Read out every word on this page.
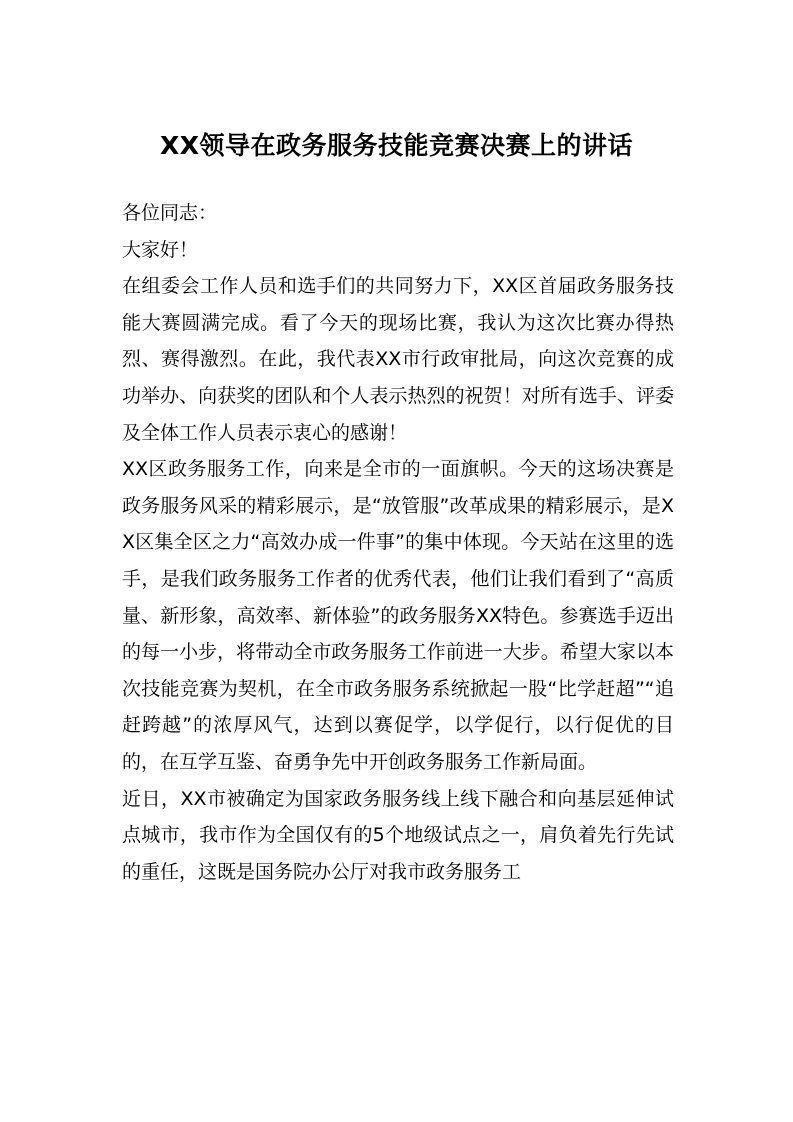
XX领导在政务服务技能竞赛决赛上的讲话

各位同志：

大家好！

在组委会工作人员和选手们的共同努力下，XX区首届政务服务技能大赛圆满完成。看了今天的现场比赛，我认为这次比赛办得热烈、赛得激烈。在此，我代表XX市行政审批局，向这次竞赛的成功举办、向获奖的团队和个人表示热烈的祝贺！对所有选手、评委及全体工作人员表示衷心的感谢！

XX区政务服务工作，向来是全市的一面旗帜。今天的这场决赛是政务服务风采的精彩展示，是“放管服”改革成果的精彩展示，是XX区集全区之力“高效办成一件事”的集中体现。今天站在这里的选手，是我们政务服务工作者的优秀代表，他们让我们看到了“高质量、新形象，高效率、新体验”的政务服务XX特色。参赛选手迈出的每一小步，将带动全市政务服务工作前进一大步。希望大家以本次技能竞赛为契机，在全市政务服务系统掀起一股“比学赶超”“追赶跨越”的浓厚风气，达到以赛促学，以学促行，以行促优的目的，在互学互鉴、奋勇争先中开创政务服务工作新局面。

近日，XX市被确定为国家政务服务线上线下融合和向基层延伸试点城市，我市作为全国仅有的5个地级试点之一，肩负着先行先试的重任，这既是国务院办公厅对我市政务服务工
